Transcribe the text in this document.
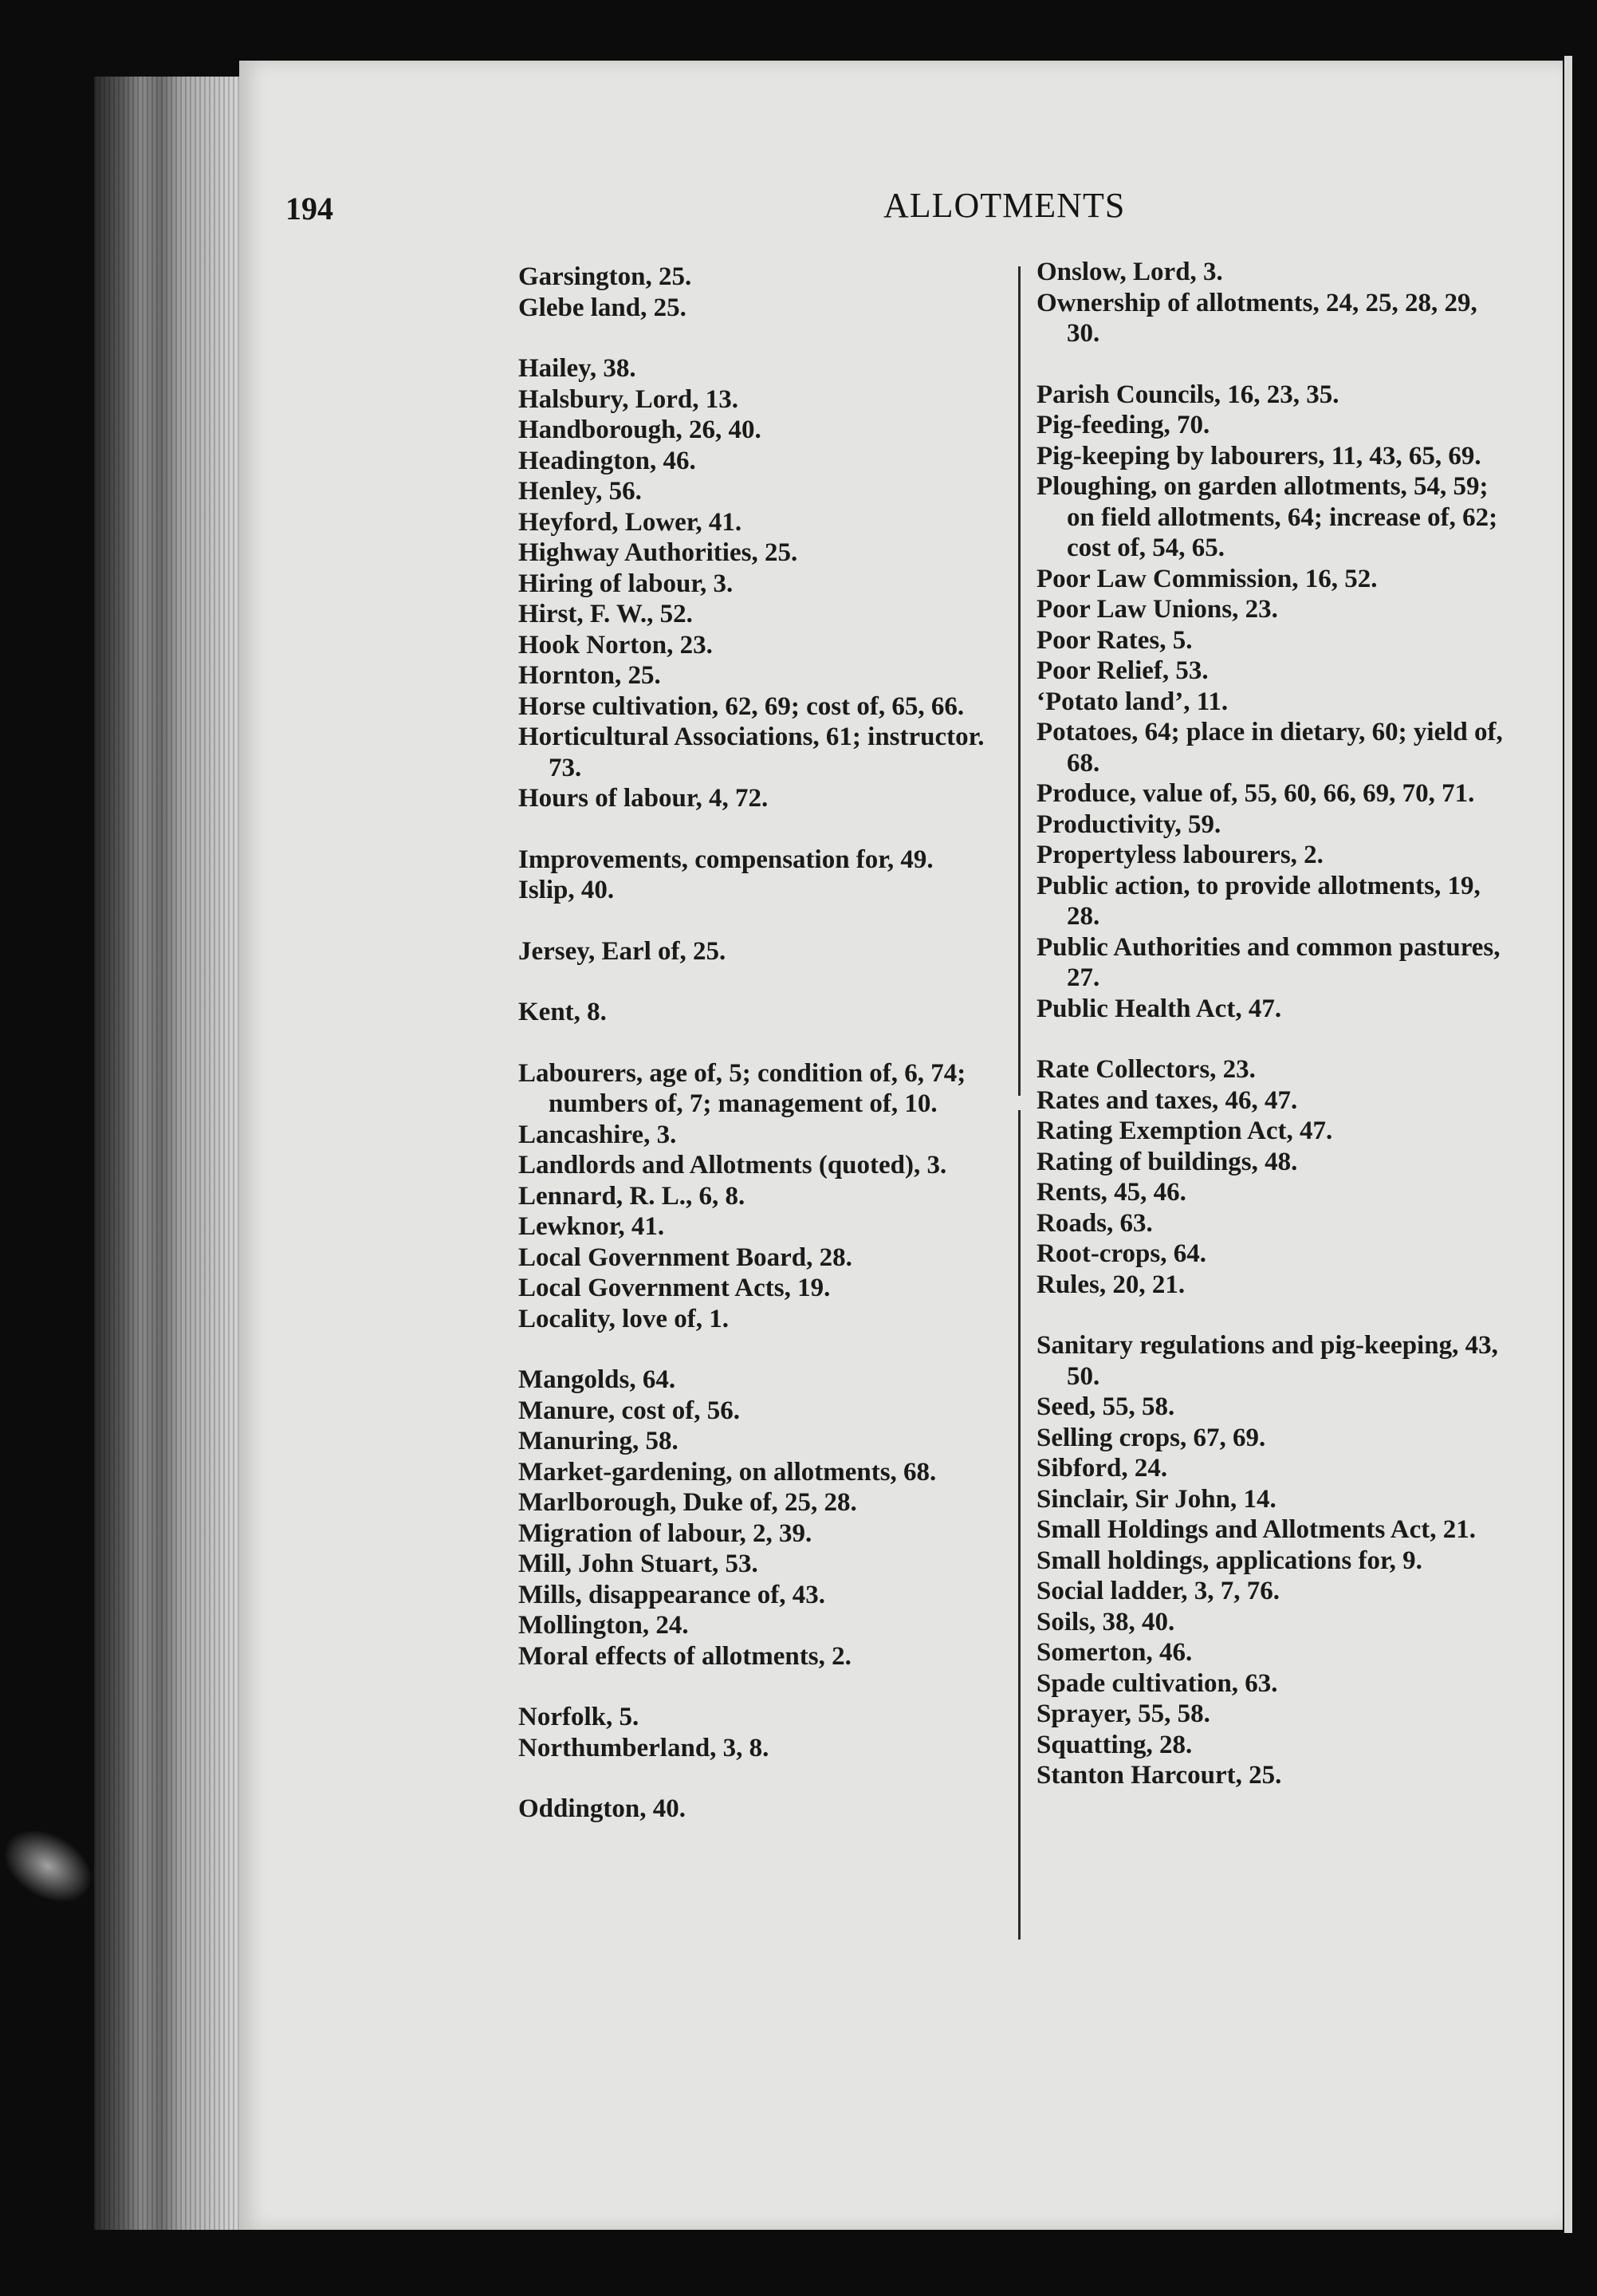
194	ALLOTMENTS
Garsington, 25.
Glebe land, 25.
Hailey, 38.
Halsbury, Lord, 13.
Handborough, 26, 40.
Headington, 46.
Henley, 56.
Heyford, Lower, 41.
Highway Authorities, 25.
Hiring of labour, 3.
Hirst, F. W., 52.
Hook Norton, 23.
Hornton, 25.
Horse cultivation, 62, 69; cost of, 65, 66.
Horticultural Associations, 61; instructor. 73.
Hours of labour, 4, 72.
Improvements, compensation for, 49.
Islip, 40.
Jersey, Earl of, 25.
Kent, 8.
Labourers, age of, 5; condition of, 6, 74; numbers of, 7; management of, 10.
Lancashire, 3.
Landlords and Allotments (quoted), 3.
Lennard, R. L., 6, 8.
Lewknor, 41.
Local Government Board, 28.
Local Government Acts, 19.
Locality, love of, 1.
Mangolds, 64.
Manure, cost of, 56.
Manuring, 58.
Market-gardening, on allotments, 68.
Marlborough, Duke of, 25, 28.
Migration of labour, 2, 39.
Mill, John Stuart, 53.
Mills, disappearance of, 43.
Mollington, 24.
Moral effects of allotments, 2.
Norfolk, 5.
Northumberland, 3, 8.
Oddington, 40.
Onslow, Lord, 3.
Ownership of allotments, 24, 25, 28, 29, 30.
Parish Councils, 16, 23, 35.
Pig-feeding, 70.
Pig-keeping by labourers, 11, 43, 65, 69.
Ploughing, on garden allotments, 54, 59; on field allotments, 64; increase of, 62; cost of, 54, 65.
Poor Law Commission, 16, 52.
Poor Law Unions, 23.
Poor Rates, 5.
Poor Relief, 53.
‘Potato land’, 11.
Potatoes, 64; place in dietary, 60; yield of, 68.
Produce, value of, 55, 60, 66, 69, 70, 71.
Productivity, 59.
Propertyless labourers, 2.
Public action, to provide allotments, 19, 28.
Public Authorities and common pastures, 27.
Public Health Act, 47.
Rate Collectors, 23.
Rates and taxes, 46, 47.
Rating Exemption Act, 47.
Rating of buildings, 48.
Rents, 45, 46.
Roads, 63.
Root-crops, 64.
Rules, 20, 21.
Sanitary regulations and pig-keeping, 43, 50.
Seed, 55, 58.
Selling crops, 67, 69.
Sibford, 24.
Sinclair, Sir John, 14.
Small Holdings and Allotments Act, 21.
Small holdings, applications for, 9.
Social ladder, 3, 7, 76.
Soils, 38, 40.
Somerton, 46.
Spade cultivation, 63.
Sprayer, 55, 58.
Squatting, 28.
Stanton Harcourt, 25.
